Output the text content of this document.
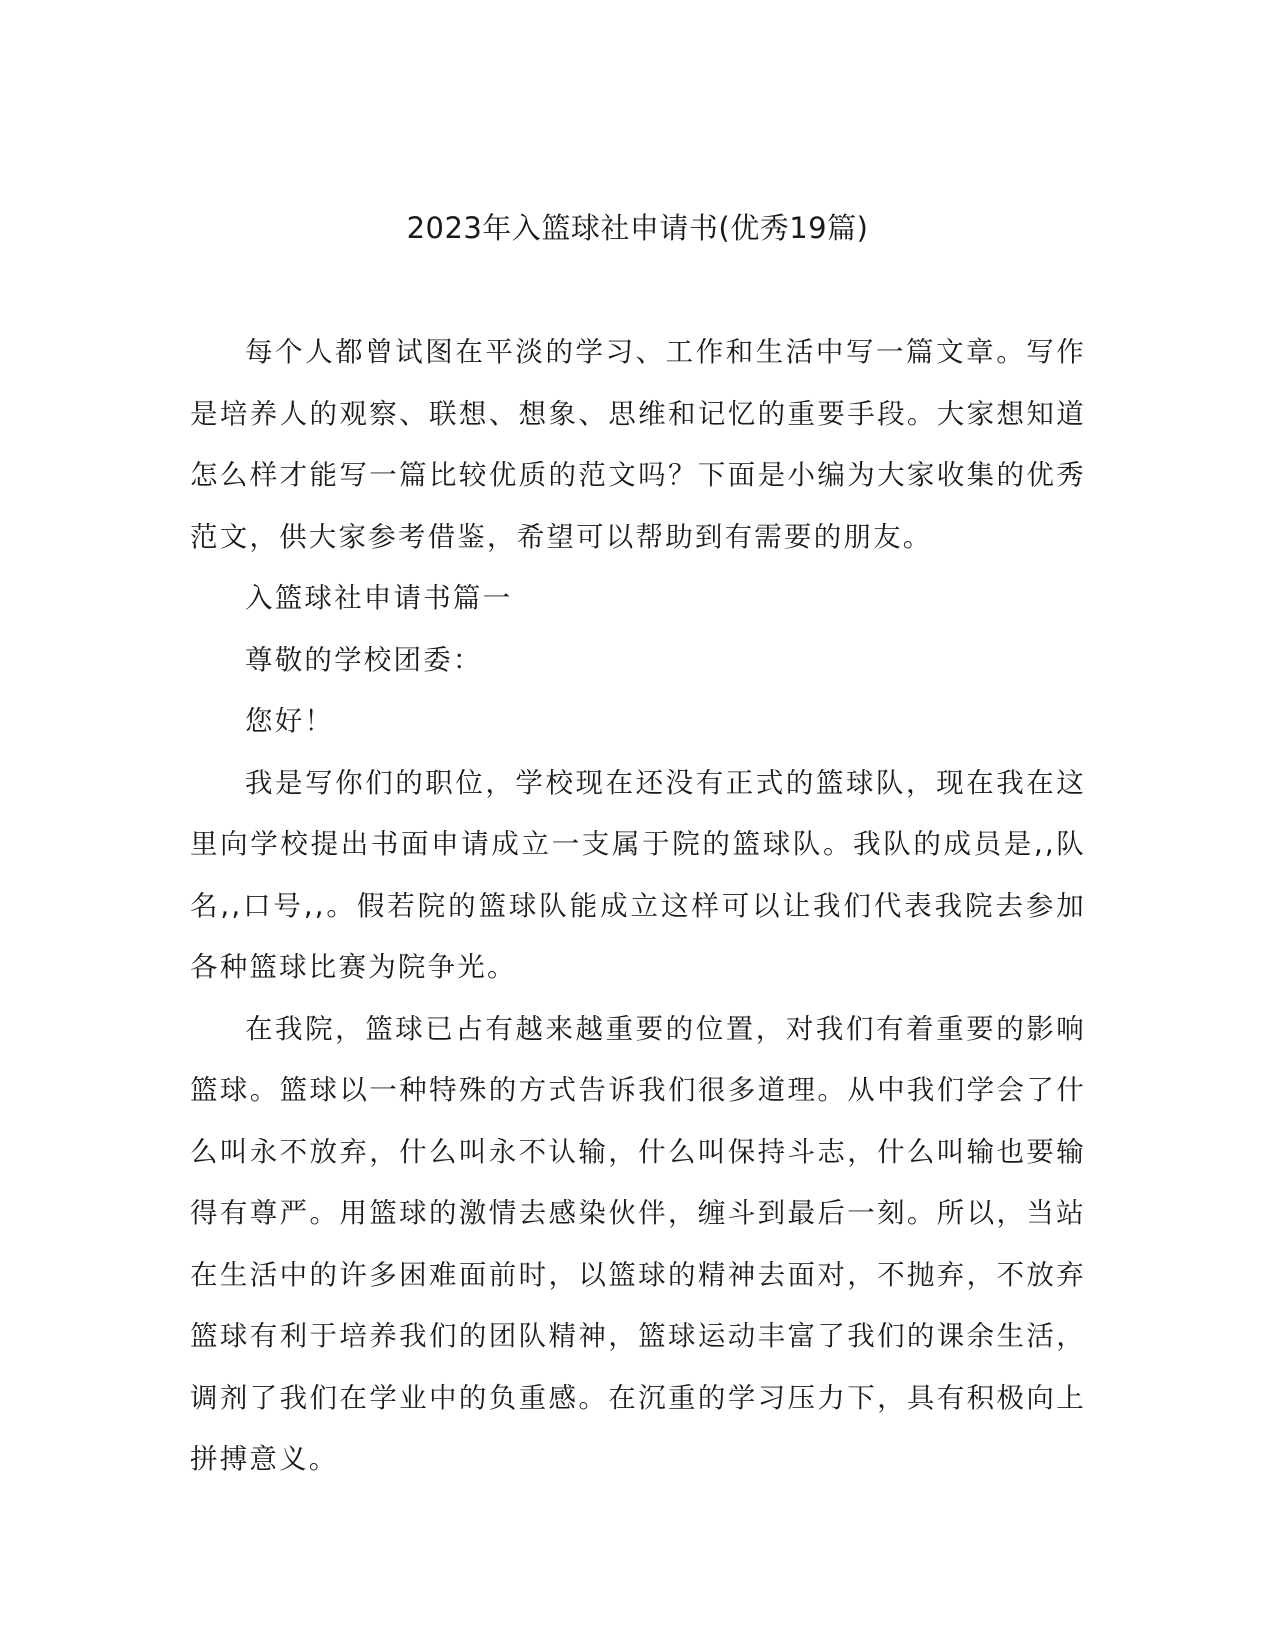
2023年入篮球社申请书(优秀19篇)

每个人都曾试图在平淡的学习、工作和生活中写一篇文章。写作是培养人的观察、联想、想象、思维和记忆的重要手段。大家想知道怎么样才能写一篇比较优质的范文吗？下面是小编为大家收集的优秀范文，供大家参考借鉴，希望可以帮助到有需要的朋友。

入篮球社申请书篇一

尊敬的学校团委：

您好！

我是写你们的职位，学校现在还没有正式的篮球队，现在我在这里向学校提出书面申请成立一支属于院的篮球队。我队的成员是,,队名,,口号,,。假若院的篮球队能成立这样可以让我们代表我院去参加各种篮球比赛为院争光。

在我院，篮球已占有越来越重要的位置，对我们有着重要的影响篮球。篮球以一种特殊的方式告诉我们很多道理。从中我们学会了什么叫永不放弃，什么叫永不认输，什么叫保持斗志，什么叫输也要输得有尊严。用篮球的激情去感染伙伴，缠斗到最后一刻。所以，当站在生活中的许多困难面前时，以篮球的精神去面对，不抛弃，不放弃篮球有利于培养我们的团队精神，篮球运动丰富了我们的课余生活，调剂了我们在学业中的负重感。在沉重的学习压力下，具有积极向上拼搏意义。
